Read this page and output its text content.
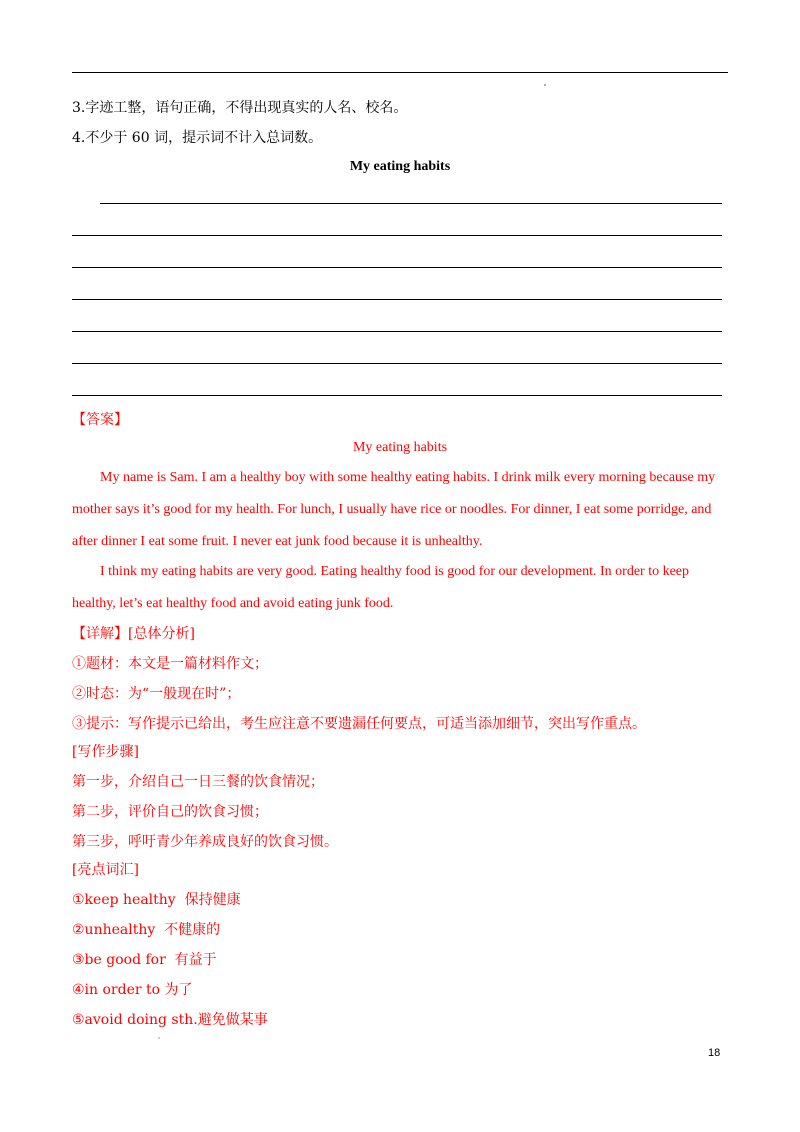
3.字迹工整，语句正确，不得出现真实的人名、校名。
4.不少于 60 词，提示词不计入总词数。
My eating habits
【答案】
My eating habits
My name is Sam. I am a healthy boy with some healthy eating habits. I drink milk every morning because my mother says it’s good for my health. For lunch, I usually have rice or noodles. For dinner, I eat some porridge, and after dinner I eat some fruit. I never eat junk food because it is unhealthy.
I think my eating habits are very good. Eating healthy food is good for our development. In order to keep healthy, let’s eat healthy food and avoid eating junk food.
【详解】[总体分析]
①题材：本文是一篇材料作文；
②时态：为“一般现在时”；
③提示：写作提示已给出，考生应注意不要遗漏任何要点，可适当添加细节，突出写作重点。
[写作步骤]
第一步，介绍自己一日三餐的饮食情况；
第二步，评价自己的饮食习惯；
第三步，呼吁青少年养成良好的饮食习惯。
[亮点词汇]
①keep healthy  保持健康
②unhealthy  不健康的
③be good for  有益于
④in order to 为了
⑤avoid doing sth.避免做某事
18
